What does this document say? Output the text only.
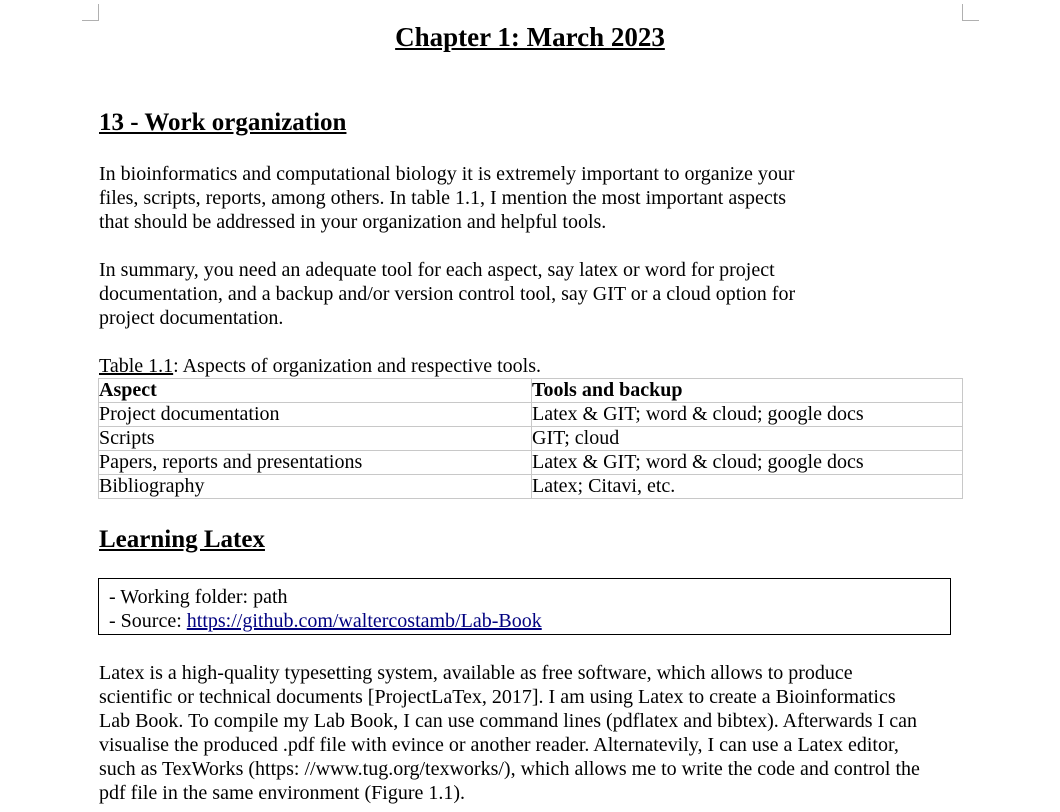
Chapter 1: March 2023
13 - Work organization

In bioinformatics and computational biology it is extremely important to organize your
files, scripts, reports, among others. In table 1.1, I mention the most important aspects
that should be addressed in your organization and helpful tools.

In summary, you need an adequate tool for each aspect, say latex or word for project
documentation, and a backup and/or version control tool, say GIT or a cloud option for
project documentation.

Table 1.1: Aspects of organization and respective tools.
Aspect	Tools and backup
Project documentation	Latex & GIT; word & cloud; google docs
Scripts	GIT; cloud
Papers, reports and presentations	Latex & GIT; word & cloud; google docs
Bibliography	Latex; Citavi, etc.
Learning Latex
- Working folder: path
- Source: https://github.com/waltercostamb/Lab-Book

Latex is a high-quality typesetting system, available as free software, which allows to produce
scientific or technical documents [ProjectLaTex, 2017]. I am using Latex to create a Bioinformatics
Lab Book. To compile my Lab Book, I can use command lines (pdflatex and bibtex). Afterwards I can
visualise the produced .pdf file with evince or another reader. Alternatevily, I can use a Latex editor,
such as TexWorks (https: //www.tug.org/texworks/), which allows me to write the code and control the
pdf file in the same environment (Figure 1.1).
